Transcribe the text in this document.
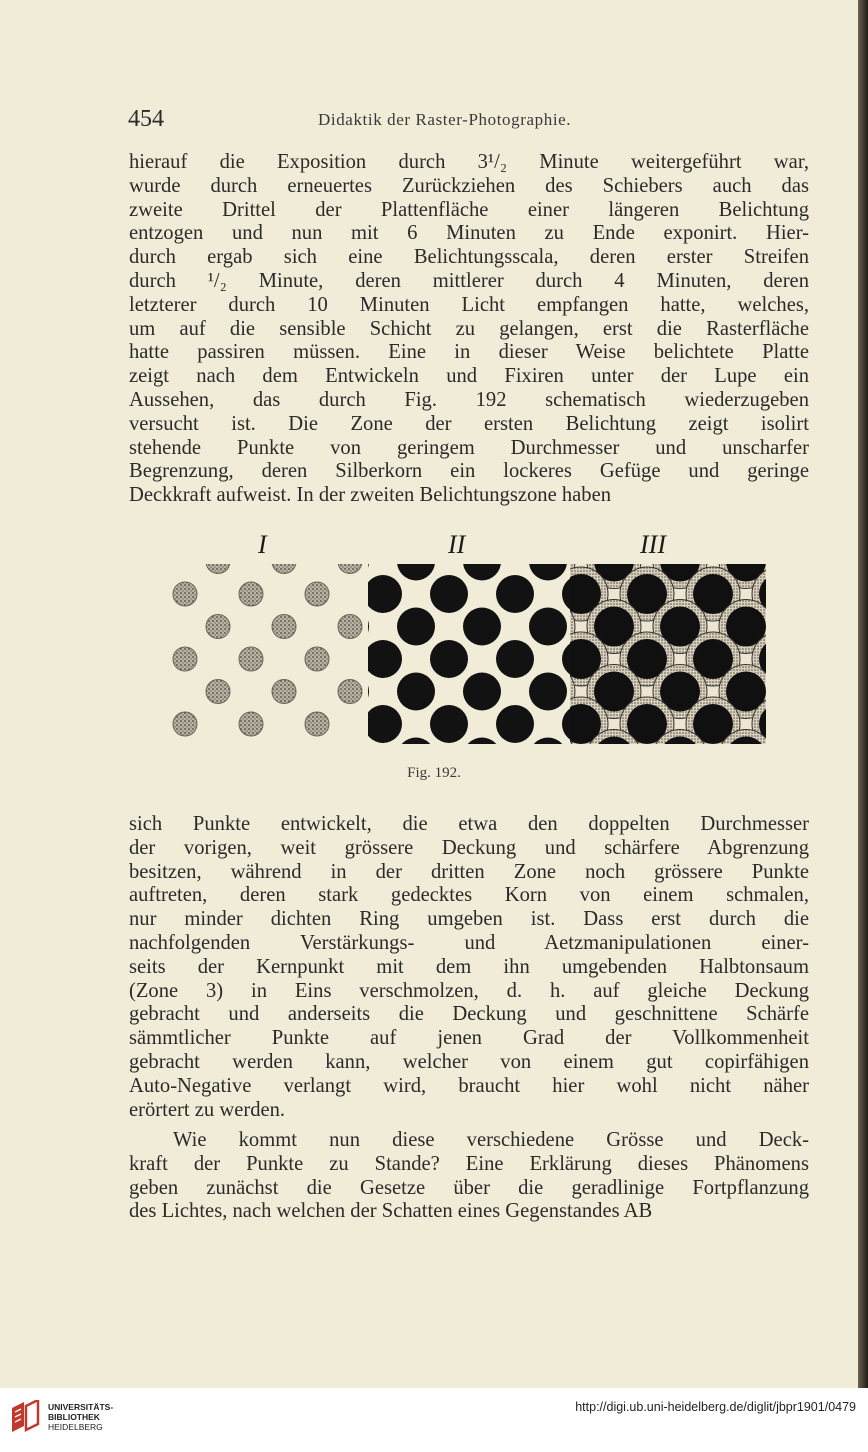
454	Didaktik der Raster-Photographie.
hierauf die Exposition durch 3¹/₂ Minute weitergeführt war,
wurde durch erneuertes Zurückziehen des Schiebers auch das
zweite Drittel der Plattenfläche einer längeren Belichtung
entzogen und nun mit 6 Minuten zu Ende exponirt. Hier-
durch ergab sich eine Belichtungsscala, deren erster Streifen
durch ¹/₂ Minute, deren mittlerer durch 4 Minuten, deren
letzterer durch 10 Minuten Licht empfangen hatte, welches,
um auf die sensible Schicht zu gelangen, erst die Rasterfläche
hatte passiren müssen. Eine in dieser Weise belichtete Platte
zeigt nach dem Entwickeln und Fixiren unter der Lupe ein
Aussehen, das durch Fig. 192 schematisch wiederzugeben
versucht ist. Die Zone der ersten Belichtung zeigt isolirt
stehende Punkte von geringem Durchmesser und unscharfer
Begrenzung, deren Silberkorn ein lockeres Gefüge und geringe
Deckkraft aufweist. In der zweiten Belichtungszone haben
I	II	III
Fig. 192.
sich Punkte entwickelt, die etwa den doppelten Durchmesser
der vorigen, weit grössere Deckung und schärfere Abgrenzung
besitzen, während in der dritten Zone noch grössere Punkte
auftreten, deren stark gedecktes Korn von einem schmalen,
nur minder dichten Ring umgeben ist. Dass erst durch die
nachfolgenden Verstärkungs- und Aetzmanipulationen einer-
seits der Kernpunkt mit dem ihn umgebenden Halbtonsaum
(Zone 3) in Eins verschmolzen, d. h. auf gleiche Deckung
gebracht und anderseits die Deckung und geschnittene Schärfe
sämmtlicher Punkte auf jenen Grad der Vollkommenheit
gebracht werden kann, welcher von einem gut copirfähigen
Auto-Negative verlangt wird, braucht hier wohl nicht näher
erörtert zu werden.
Wie kommt nun diese verschiedene Grösse und Deck-
kraft der Punkte zu Stande? Eine Erklärung dieses Phänomens
geben zunächst die Gesetze über die geradlinige Fortpflanzung
des Lichtes, nach welchen der Schatten eines Gegenstandes AB
UNIVERSITÄTS-
BIBLIOTHEK
HEIDELBERG
http://digi.ub.uni-heidelberg.de/diglit/jbpr1901/0479
